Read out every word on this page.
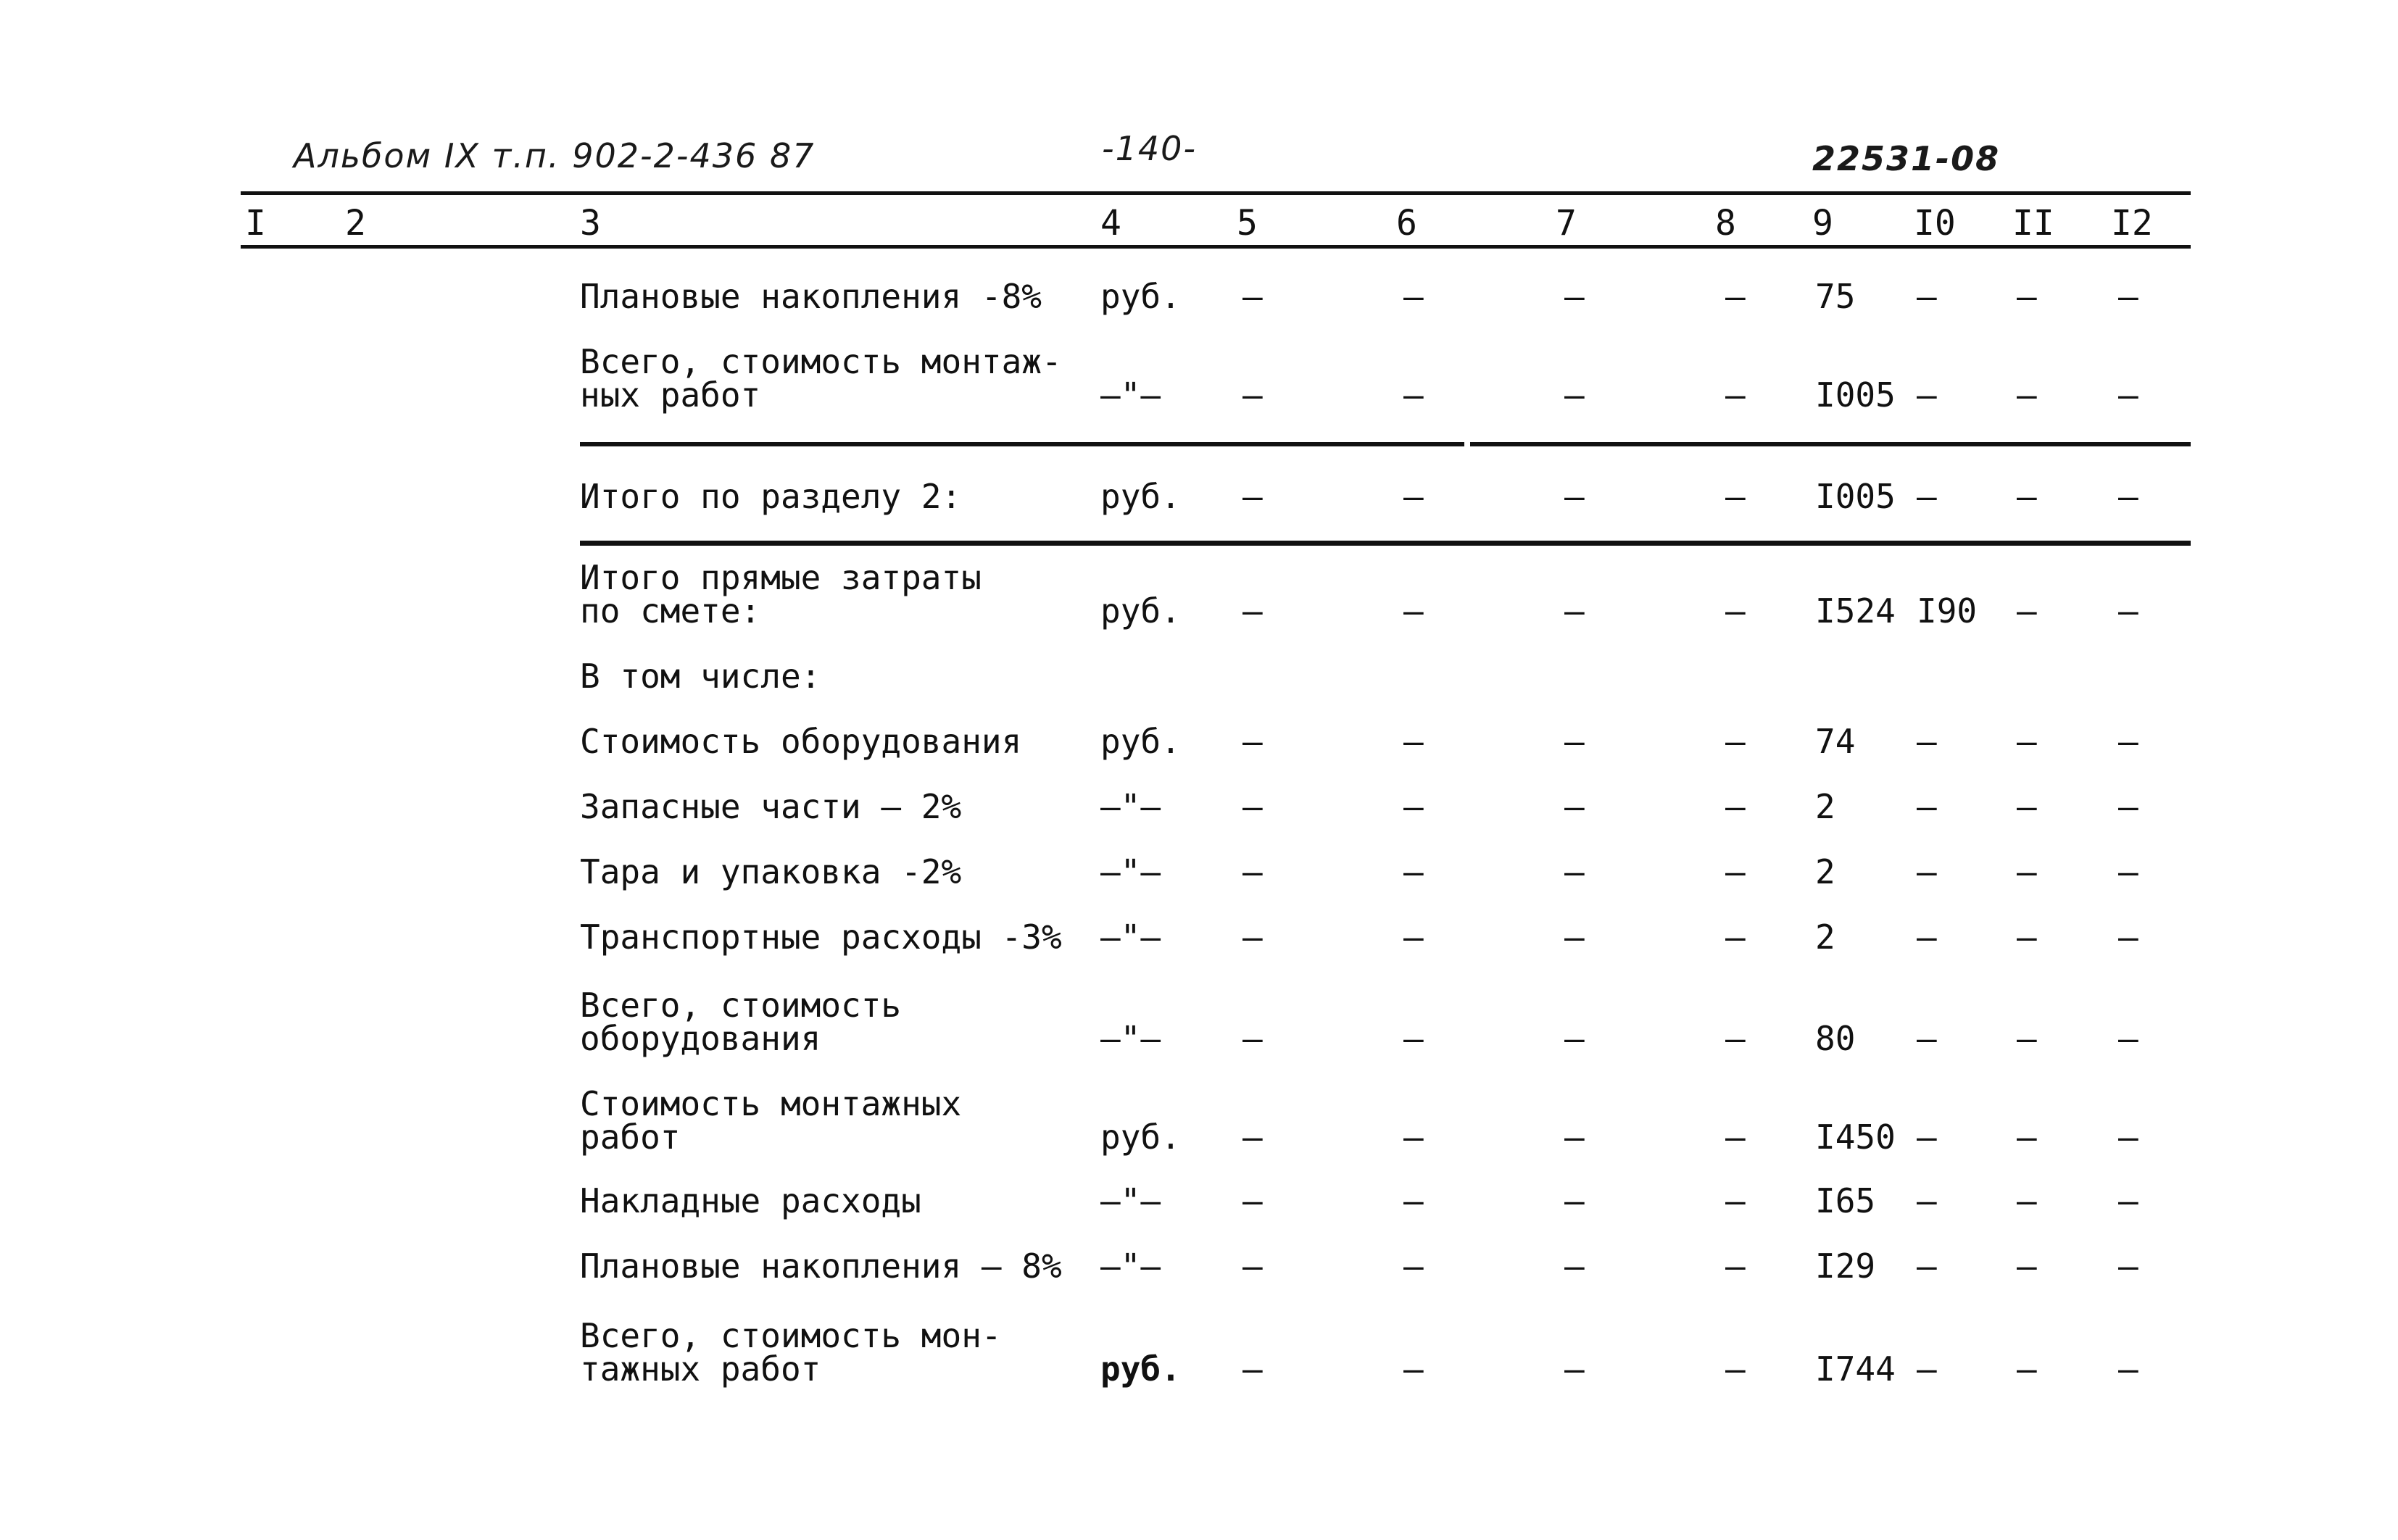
Альбом IX т.п. 902-2-436 87	-140-	22531-08
I 2	3	4	5	6	7	8 9 I0 II I2
Плановые накопления -8%	руб. –	–	–	– 75 – – –
Всего, стоимость монтаж-
ных работ	–"– –	–	–	– I005 – – –
Итого по разделу 2:	руб. –	–	–	– I005 – – –
Итого прямые затраты
по смете:	руб. –	–	–	– I524 I90 – –
В том числе:
Стоимость оборудования	руб. –	–	–	– 74 – – –
Запасные части – 2%	–"– –	–	–	– 2 – – –
Тара и упаковка -2%	–"– –	–	–	– 2 – – –
Транспортные расходы -3%	–"– –	–	–	– 2 – – –
Всего, стоимость
оборудования	–"– –	–	–	– 80 – – –
Стоимость монтажных
работ	руб. –	–	–	– I450 – – –
Накладные расходы	–"– –	–	–	– I65 – – –
Плановые накопления – 8%	–"– –	–	–	– I29 – – –
Всего, стоимость мон-
тажных работ	руб. –	–	–	– I744 – – –
